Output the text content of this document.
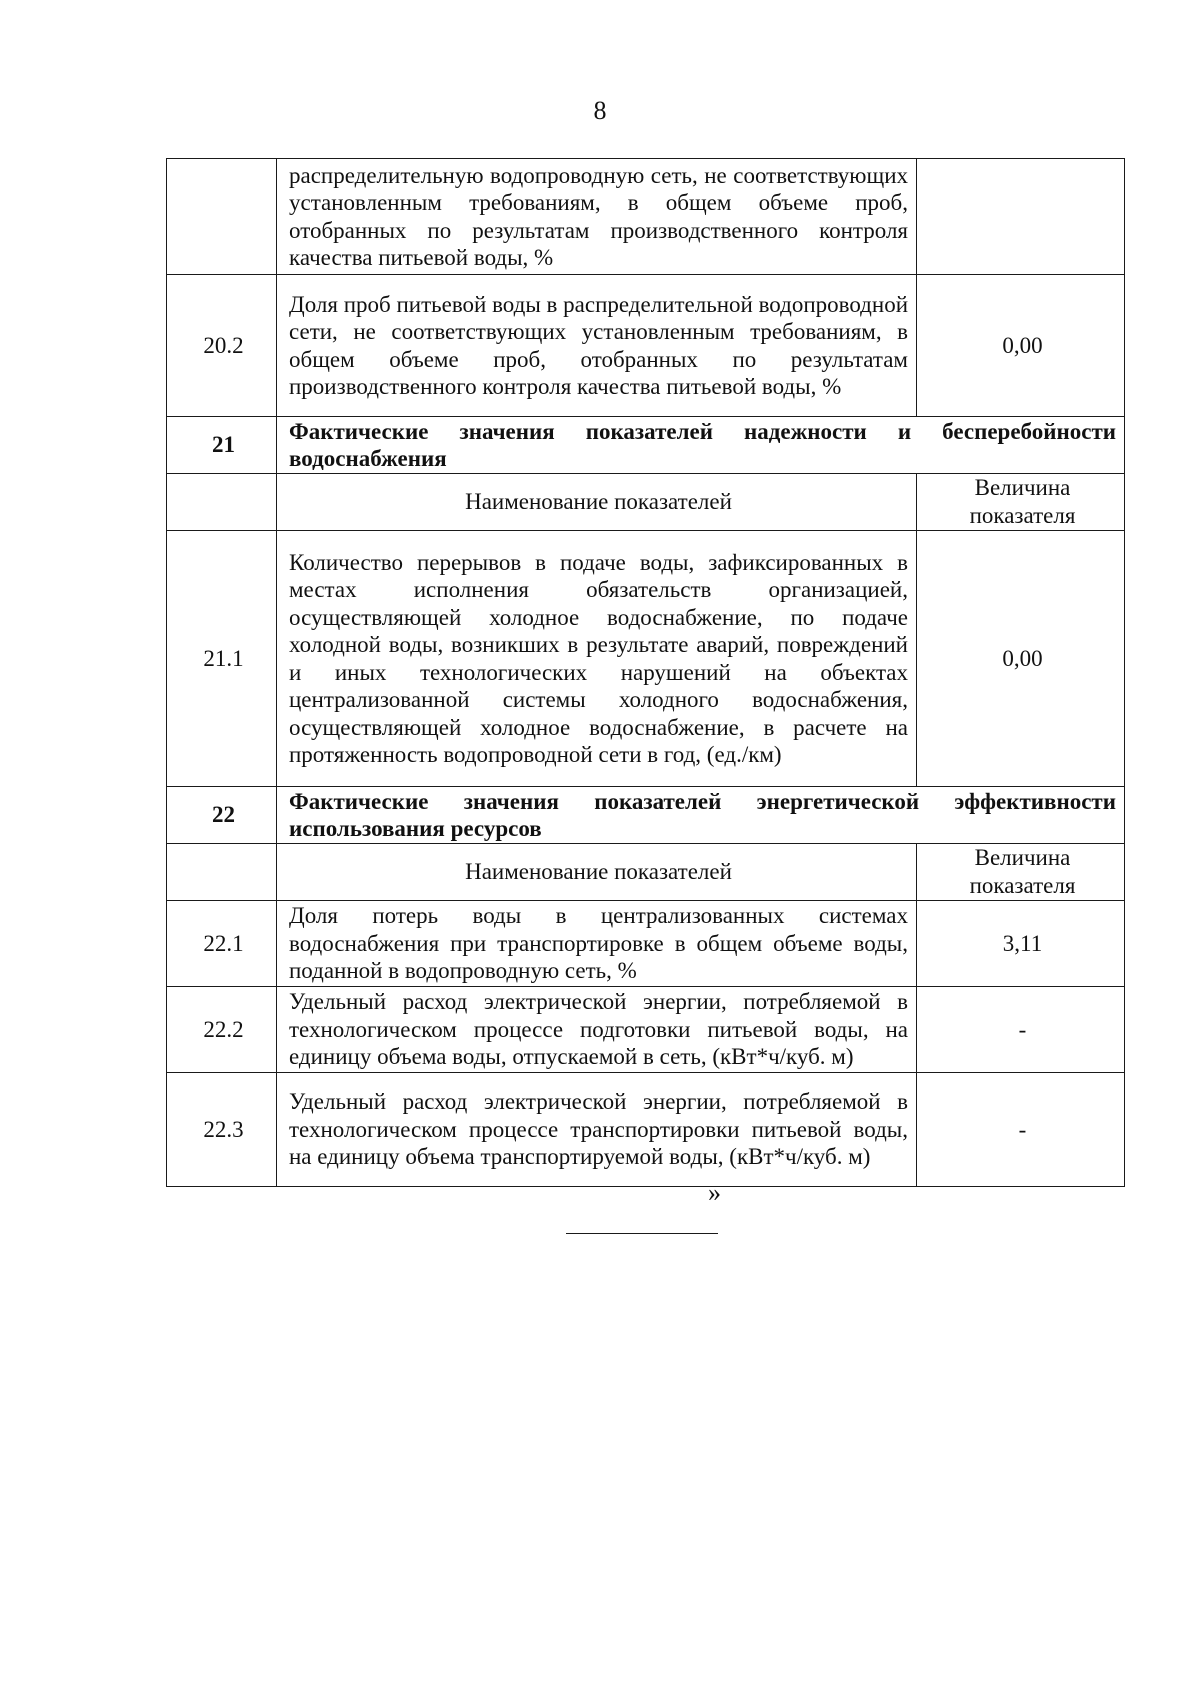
8
	распределительную водопроводную сеть, не соответствующих установленным требованиям, в общем объеме проб, отобранных по результатам производственного контроля качества питьевой воды, %	
20.2	Доля проб питьевой воды в распределительной водопроводной сети, не соответствующих установленным требованиям, в общем объеме проб, отобранных по результатам производственного контроля качества питьевой воды, %	0,00
21	Фактические значения показателей надежности и бесперебойности водоснабжения	
	Наименование показателей	Величина показателя
21.1	Количество перерывов в подаче воды, зафиксированных в местах исполнения обязательств организацией, осуществляющей холодное водоснабжение, по подаче холодной воды, возникших в результате аварий, повреждений и иных технологических нарушений на объектах централизованной системы холодного водоснабжения, осуществляющей холодное водоснабжение, в расчете на протяженность водопроводной сети в год, (ед./км)	0,00
22	Фактические значения показателей энергетической эффективности использования ресурсов	
	Наименование показателей	Величина показателя
22.1	Доля потерь воды в централизованных системах водоснабжения при транспортировке в общем объеме воды, поданной в водопроводную сеть, %	3,11
22.2	Удельный расход электрической энергии, потребляемой в технологическом процессе подготовки питьевой воды, на единицу объема воды, отпускаемой в сеть, (кВт*ч/куб. м)	-
22.3	Удельный расход электрической энергии, потребляемой в технологическом процессе транспортировки питьевой воды, на единицу объема транспортируемой воды, (кВт*ч/куб. м)	-
»
